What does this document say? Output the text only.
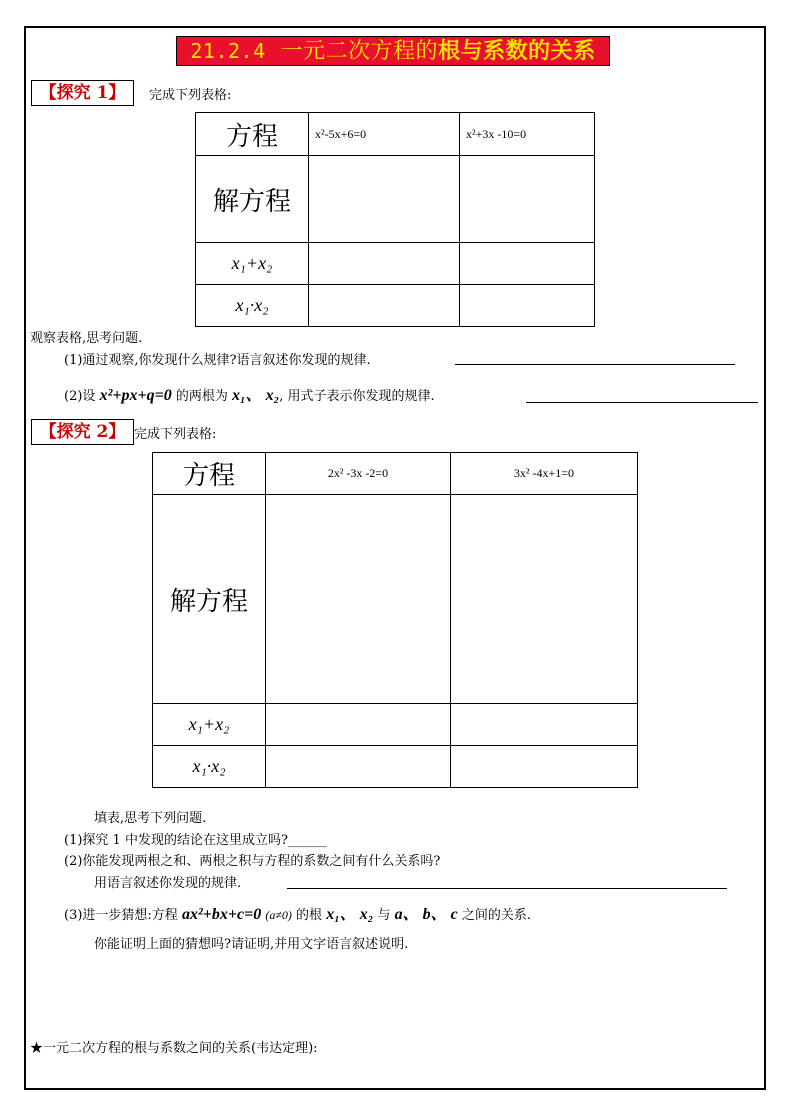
21.2.4 一元二次方程的根与系数的关系
【探究 1】	完成下列表格:
方程	x²-5x+6=0	x²+3x -10=0
解方程		
x₁+x₂		
x₁·x₂		
观察表格,思考问题.
(1)通过观察,你发现什么规律?语言叙述你发现的规律.
(2)设 x²+px+q=0 的两根为 x₁、 x₂, 用式子表示你发现的规律.
【探究 2】 完成下列表格:
方程	2x² -3x -2=0	3x² -4x+1=0
解方程		
x₁+x₂		
x₁·x₂		
填表,思考下列问题.
(1)探究 1 中发现的结论在这里成立吗?______
(2)你能发现两根之和、两根之积与方程的系数之间有什么关系吗?
用语言叙述你发现的规律.
(3)进一步猜想:方程 ax²+bx+c=0 (a≠0) 的根 x₁、 x₂ 与 a、 b、 c 之间的关系.
你能证明上面的猜想吗?请证明,并用文字语言叙述说明.
★一元二次方程的根与系数之间的关系(韦达定理):
